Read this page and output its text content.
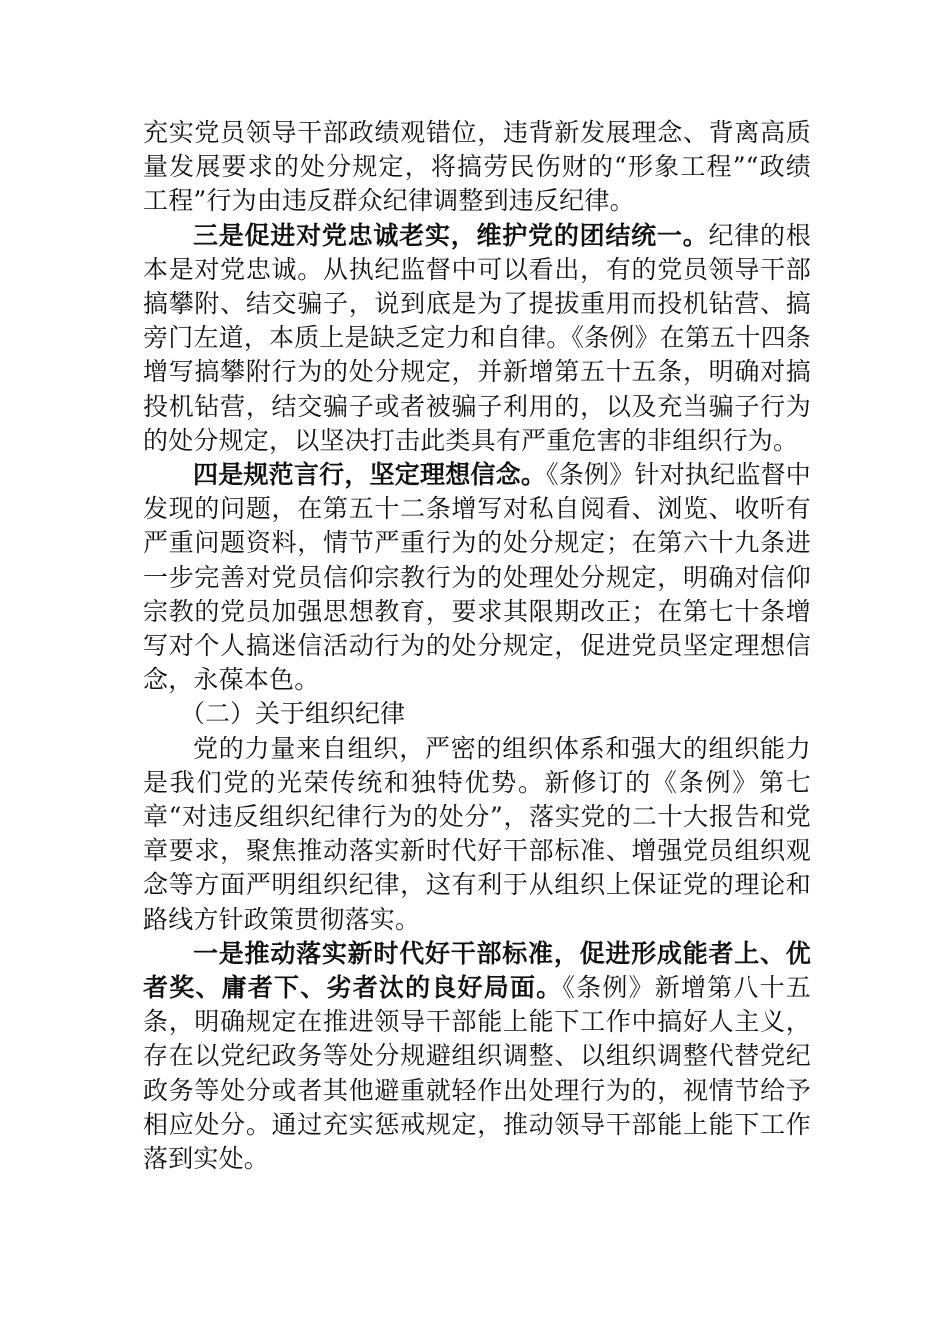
充实党员领导干部政绩观错位，违背新发展理念、背离高质量发展要求的处分规定，将搞劳民伤财的“形象工程”“政绩工程”行为由违反群众纪律调整到违反纪律。

三是促进对党忠诚老实，维护党的团结统一。纪律的根本是对党忠诚。从执纪监督中可以看出，有的党员领导干部搞攀附、结交骗子，说到底是为了提拔重用而投机钻营、搞旁门左道，本质上是缺乏定力和自律。《条例》在第五十四条增写搞攀附行为的处分规定，并新增第五十五条，明确对搞投机钻营，结交骗子或者被骗子利用的，以及充当骗子行为的处分规定，以坚决打击此类具有严重危害的非组织行为。

四是规范言行，坚定理想信念。《条例》针对执纪监督中发现的问题，在第五十二条增写对私自阅看、浏览、收听有严重问题资料，情节严重行为的处分规定；在第六十九条进一步完善对党员信仰宗教行为的处理处分规定，明确对信仰宗教的党员加强思想教育，要求其限期改正；在第七十条增写对个人搞迷信活动行为的处分规定，促进党员坚定理想信念，永葆本色。

（二）关于组织纪律

党的力量来自组织，严密的组织体系和强大的组织能力是我们党的光荣传统和独特优势。新修订的《条例》第七章“对违反组织纪律行为的处分”，落实党的二十大报告和党章要求，聚焦推动落实新时代好干部标准、增强党员组织观念等方面严明组织纪律，这有利于从组织上保证党的理论和路线方针政策贯彻落实。

一是推动落实新时代好干部标准，促进形成能者上、优者奖、庸者下、劣者汰的良好局面。《条例》新增第八十五条，明确规定在推进领导干部能上能下工作中搞好人主义，存在以党纪政务等处分规避组织调整、以组织调整代替党纪政务等处分或者其他避重就轻作出处理行为的，视情节给予相应处分。通过充实惩戒规定，推动领导干部能上能下工作落到实处。
